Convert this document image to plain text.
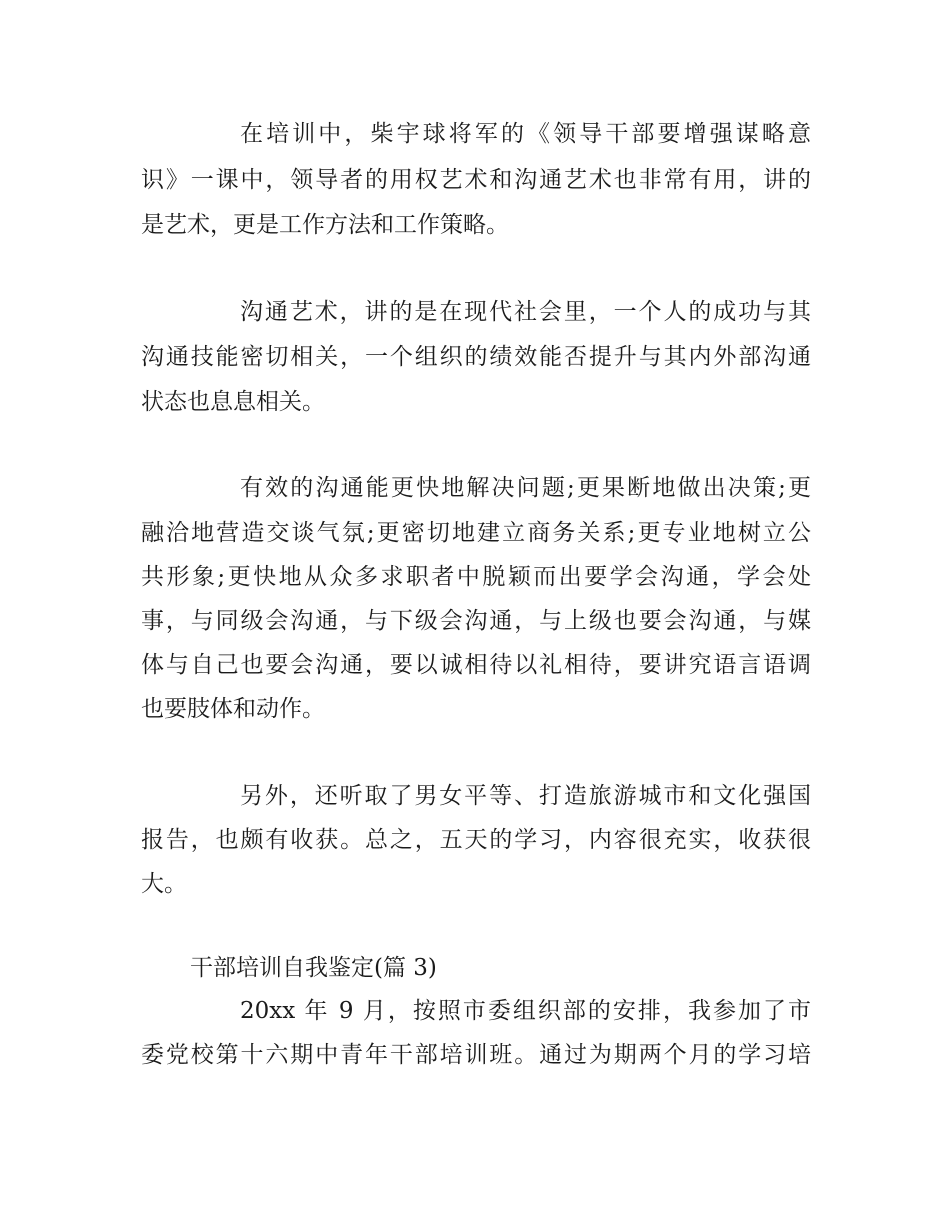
在培训中，柴宇球将军的《领导干部要增强谋略意

识》一课中，领导者的用权艺术和沟通艺术也非常有用，讲的

是艺术，更是工作方法和工作策略。

沟通艺术，讲的是在现代社会里，一个人的成功与其

沟通技能密切相关，一个组织的绩效能否提升与其内外部沟通

状态也息息相关。

有效的沟通能更快地解决问题;更果断地做出决策;更

融洽地营造交谈气氛;更密切地建立商务关系;更专业地树立公

共形象;更快地从众多求职者中脱颖而出要学会沟通，学会处

事，与同级会沟通，与下级会沟通，与上级也要会沟通，与媒

体与自己也要会沟通，要以诚相待以礼相待，要讲究语言语调

也要肢体和动作。

另外，还听取了男女平等、打造旅游城市和文化强国

报告，也颇有收获。总之，五天的学习，内容很充实，收获很

大。

干部培训自我鉴定(篇 3)

20xx 年 9 月，按照市委组织部的安排，我参加了市

委党校第十六期中青年干部培训班。通过为期两个月的学习培
